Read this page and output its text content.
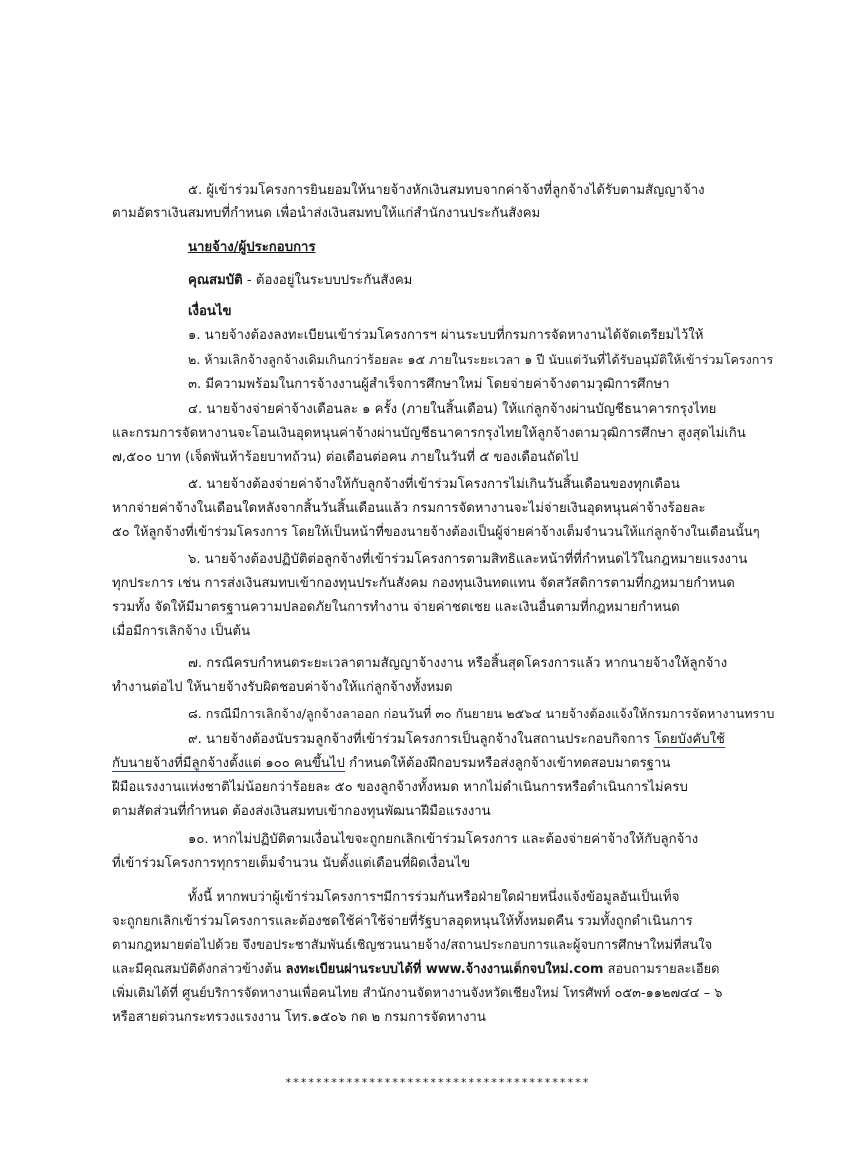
๕. ผู้เข้าร่วมโครงการยินยอมให้นายจ้างหักเงินสมทบจากค่าจ้างที่ลูกจ้างได้รับตามสัญญาจ้าง
ตามอัตราเงินสมทบที่กำหนด เพื่อนำส่งเงินสมทบให้แก่สำนักงานประกันสังคม
นายจ้าง/ผู้ประกอบการ
คุณสมบัติ - ต้องอยู่ในระบบประกันสังคม
เงื่อนไข
๑. นายจ้างต้องลงทะเบียนเข้าร่วมโครงการฯ ผ่านระบบที่กรมการจัดหางานได้จัดเตรียมไว้ให้
๒. ห้ามเลิกจ้างลูกจ้างเดิมเกินกว่าร้อยละ ๑๕ ภายในระยะเวลา ๑ ปี นับแต่วันที่ได้รับอนุมัติให้เข้าร่วมโครงการ
๓. มีความพร้อมในการจ้างงานผู้สำเร็จการศึกษาใหม่ โดยจ่ายค่าจ้างตามวุฒิการศึกษา
๔. นายจ้างจ่ายค่าจ้างเดือนละ ๑ ครั้ง (ภายในสิ้นเดือน) ให้แก่ลูกจ้างผ่านบัญชีธนาคารกรุงไทย
และกรมการจัดหางานจะโอนเงินอุดหนุนค่าจ้างผ่านบัญชีธนาคารกรุงไทยให้ลูกจ้างตามวุฒิการศึกษา สูงสุดไม่เกิน
๗,๕๐๐ บาท (เจ็ดพันห้าร้อยบาทถ้วน) ต่อเดือนต่อคน ภายในวันที่ ๕ ของเดือนถัดไป
๕. นายจ้างต้องจ่ายค่าจ้างให้กับลูกจ้างที่เข้าร่วมโครงการไม่เกินวันสิ้นเดือนของทุกเดือน
หากจ่ายค่าจ้างในเดือนใดหลังจากสิ้นวันสิ้นเดือนแล้ว กรมการจัดหางานจะไม่จ่ายเงินอุดหนุนค่าจ้างร้อยละ
๕๐ ให้ลูกจ้างที่เข้าร่วมโครงการ โดยให้เป็นหน้าที่ของนายจ้างต้องเป็นผู้จ่ายค่าจ้างเต็มจำนวนให้แก่ลูกจ้างในเดือนนั้นๆ
๖. นายจ้างต้องปฏิบัติต่อลูกจ้างที่เข้าร่วมโครงการตามสิทธิและหน้าที่ที่กำหนดไว้ในกฎหมายแรงงาน
ทุกประการ เช่น การส่งเงินสมทบเข้ากองทุนประกันสังคม กองทุนเงินทดแทน จัดสวัสดิการตามที่กฎหมายกำหนด
รวมทั้ง จัดให้มีมาตรฐานความปลอดภัยในการทำงาน จ่ายค่าชดเชย และเงินอื่นตามที่กฎหมายกำหนด
เมื่อมีการเลิกจ้าง เป็นต้น
๗. กรณีครบกำหนดระยะเวลาตามสัญญาจ้างงาน หรือสิ้นสุดโครงการแล้ว หากนายจ้างให้ลูกจ้าง
ทำงานต่อไป ให้นายจ้างรับผิดชอบค่าจ้างให้แก่ลูกจ้างทั้งหมด
๘. กรณีมีการเลิกจ้าง/ลูกจ้างลาออก ก่อนวันที่ ๓๐ กันยายน ๒๕๖๔ นายจ้างต้องแจ้งให้กรมการจัดหางานทราบ
๙. นายจ้างต้องนับรวมลูกจ้างที่เข้าร่วมโครงการเป็นลูกจ้างในสถานประกอบกิจการ โดยบังคับใช้
กับนายจ้างที่มีลูกจ้างตั้งแต่ ๑๐๐ คนขึ้นไป กำหนดให้ต้องฝึกอบรมหรือส่งลูกจ้างเข้าทดสอบมาตรฐาน
ฝีมือแรงงานแห่งชาติไม่น้อยกว่าร้อยละ ๕๐ ของลูกจ้างทั้งหมด หากไม่ดำเนินการหรือดำเนินการไม่ครบ
ตามสัดส่วนที่กำหนด ต้องส่งเงินสมทบเข้ากองทุนพัฒนาฝีมือแรงงาน
๑๐. หากไม่ปฏิบัติตามเงื่อนไขจะถูกยกเลิกเข้าร่วมโครงการ และต้องจ่ายค่าจ้างให้กับลูกจ้าง
ที่เข้าร่วมโครงการทุกรายเต็มจำนวน นับตั้งแต่เดือนที่ผิดเงื่อนไข
ทั้งนี้ หากพบว่าผู้เข้าร่วมโครงการฯมีการร่วมกันหรือฝ่ายใดฝ่ายหนึ่งแจ้งข้อมูลอันเป็นเท็จ
จะถูกยกเลิกเข้าร่วมโครงการและต้องชดใช้ค่าใช้จ่ายที่รัฐบาลอุดหนุนให้ทั้งหมดคืน รวมทั้งถูกดำเนินการ
ตามกฎหมายต่อไปด้วย จึงขอประชาสัมพันธ์เชิญชวนนายจ้าง/สถานประกอบการและผู้จบการศึกษาใหม่ที่สนใจ
และมีคุณสมบัติดังกล่าวข้างต้น ลงทะเบียนผ่านระบบได้ที่ www.จ้างงานเด็กจบใหม่.com สอบถามรายละเอียด
เพิ่มเติมได้ที่ ศูนย์บริการจัดหางานเพื่อคนไทย สำนักงานจัดหางานจังหวัดเชียงใหม่ โทรศัพท์ ๐๕๓-๑๑๒๗๔๔ – ๖
หรือสายด่วนกระทรวงแรงงาน โทร.๑๕๐๖ กด ๒ กรมการจัดหางาน
****************************************
